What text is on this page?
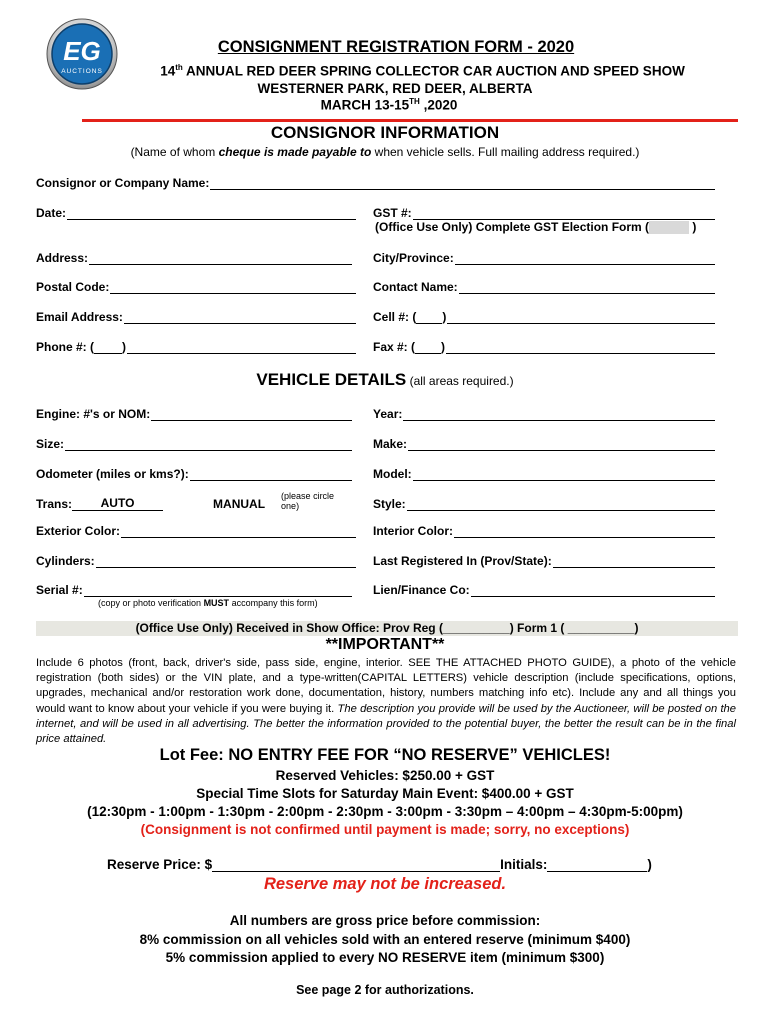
EG
AUCTIONS
CONSIGNMENT REGISTRATION FORM - 2020
14th ANNUAL RED DEER SPRING COLLECTOR CAR AUCTION AND SPEED SHOW
WESTERNER PARK, RED DEER, ALBERTA
MARCH 13-15TH ,2020
CONSIGNOR INFORMATION
(Name of whom cheque is made payable to when vehicle sells. Full mailing address required.)
Consignor or Company Name:
Date:	GST #:
(Office Use Only) Complete GST Election Form (	)
Address:	City/Province:
Postal Code:	Contact Name:
Email Address:	Cell #: ( )
Phone #: ( )	Fax #: ( )
VEHICLE DETAILS (all areas required.)
Engine: #'s or NOM:	Year:
Size:	Make:
Odometer (miles or kms?):	Model:
Trans:	AUTO	MANUAL
(please circle one)	Style:
Exterior Color:	Interior Color:
Cylinders:	Last Registered In (Prov/State):
Serial #:	Lien/Finance Co:
(copy or photo verification MUST accompany this form)
(Office Use Only) Received in Show Office: Prov Reg (__________) Form 1 ( __________)
**IMPORTANT**
Include 6 photos (front, back, driver's side, pass side, engine, interior. SEE THE ATTACHED PHOTO GUIDE), a photo of the vehicle registration (both sides) or the VIN plate, and a type-written(CAPITAL LETTERS) vehicle description (include specifications, options, upgrades, mechanical and/or restoration work done, documentation, history, numbers matching info etc). Include any and all things you would want to know about your vehicle if you were buying it. The description you provide will be used by the Auctioneer, will be posted on the internet, and will be used in all advertising. The better the information provided to the potential buyer, the better the result can be in the final price attained.
Lot Fee: NO ENTRY FEE FOR “NO RESERVE” VEHICLES!
Reserved Vehicles: $250.00 + GST
Special Time Slots for Saturday Main Event: $400.00 + GST
(12:30pm - 1:00pm - 1:30pm - 2:00pm - 2:30pm - 3:00pm - 3:30pm – 4:00pm – 4:30pm-5:00pm)
(Consignment is not confirmed until payment is made; sorry, no exceptions)
Reserve Price: $	Initials:	)
Reserve may not be increased.
All numbers are gross price before commission:
8% commission on all vehicles sold with an entered reserve (minimum $400)
5% commission applied to every NO RESERVE item (minimum $300)
See page 2 for authorizations.
